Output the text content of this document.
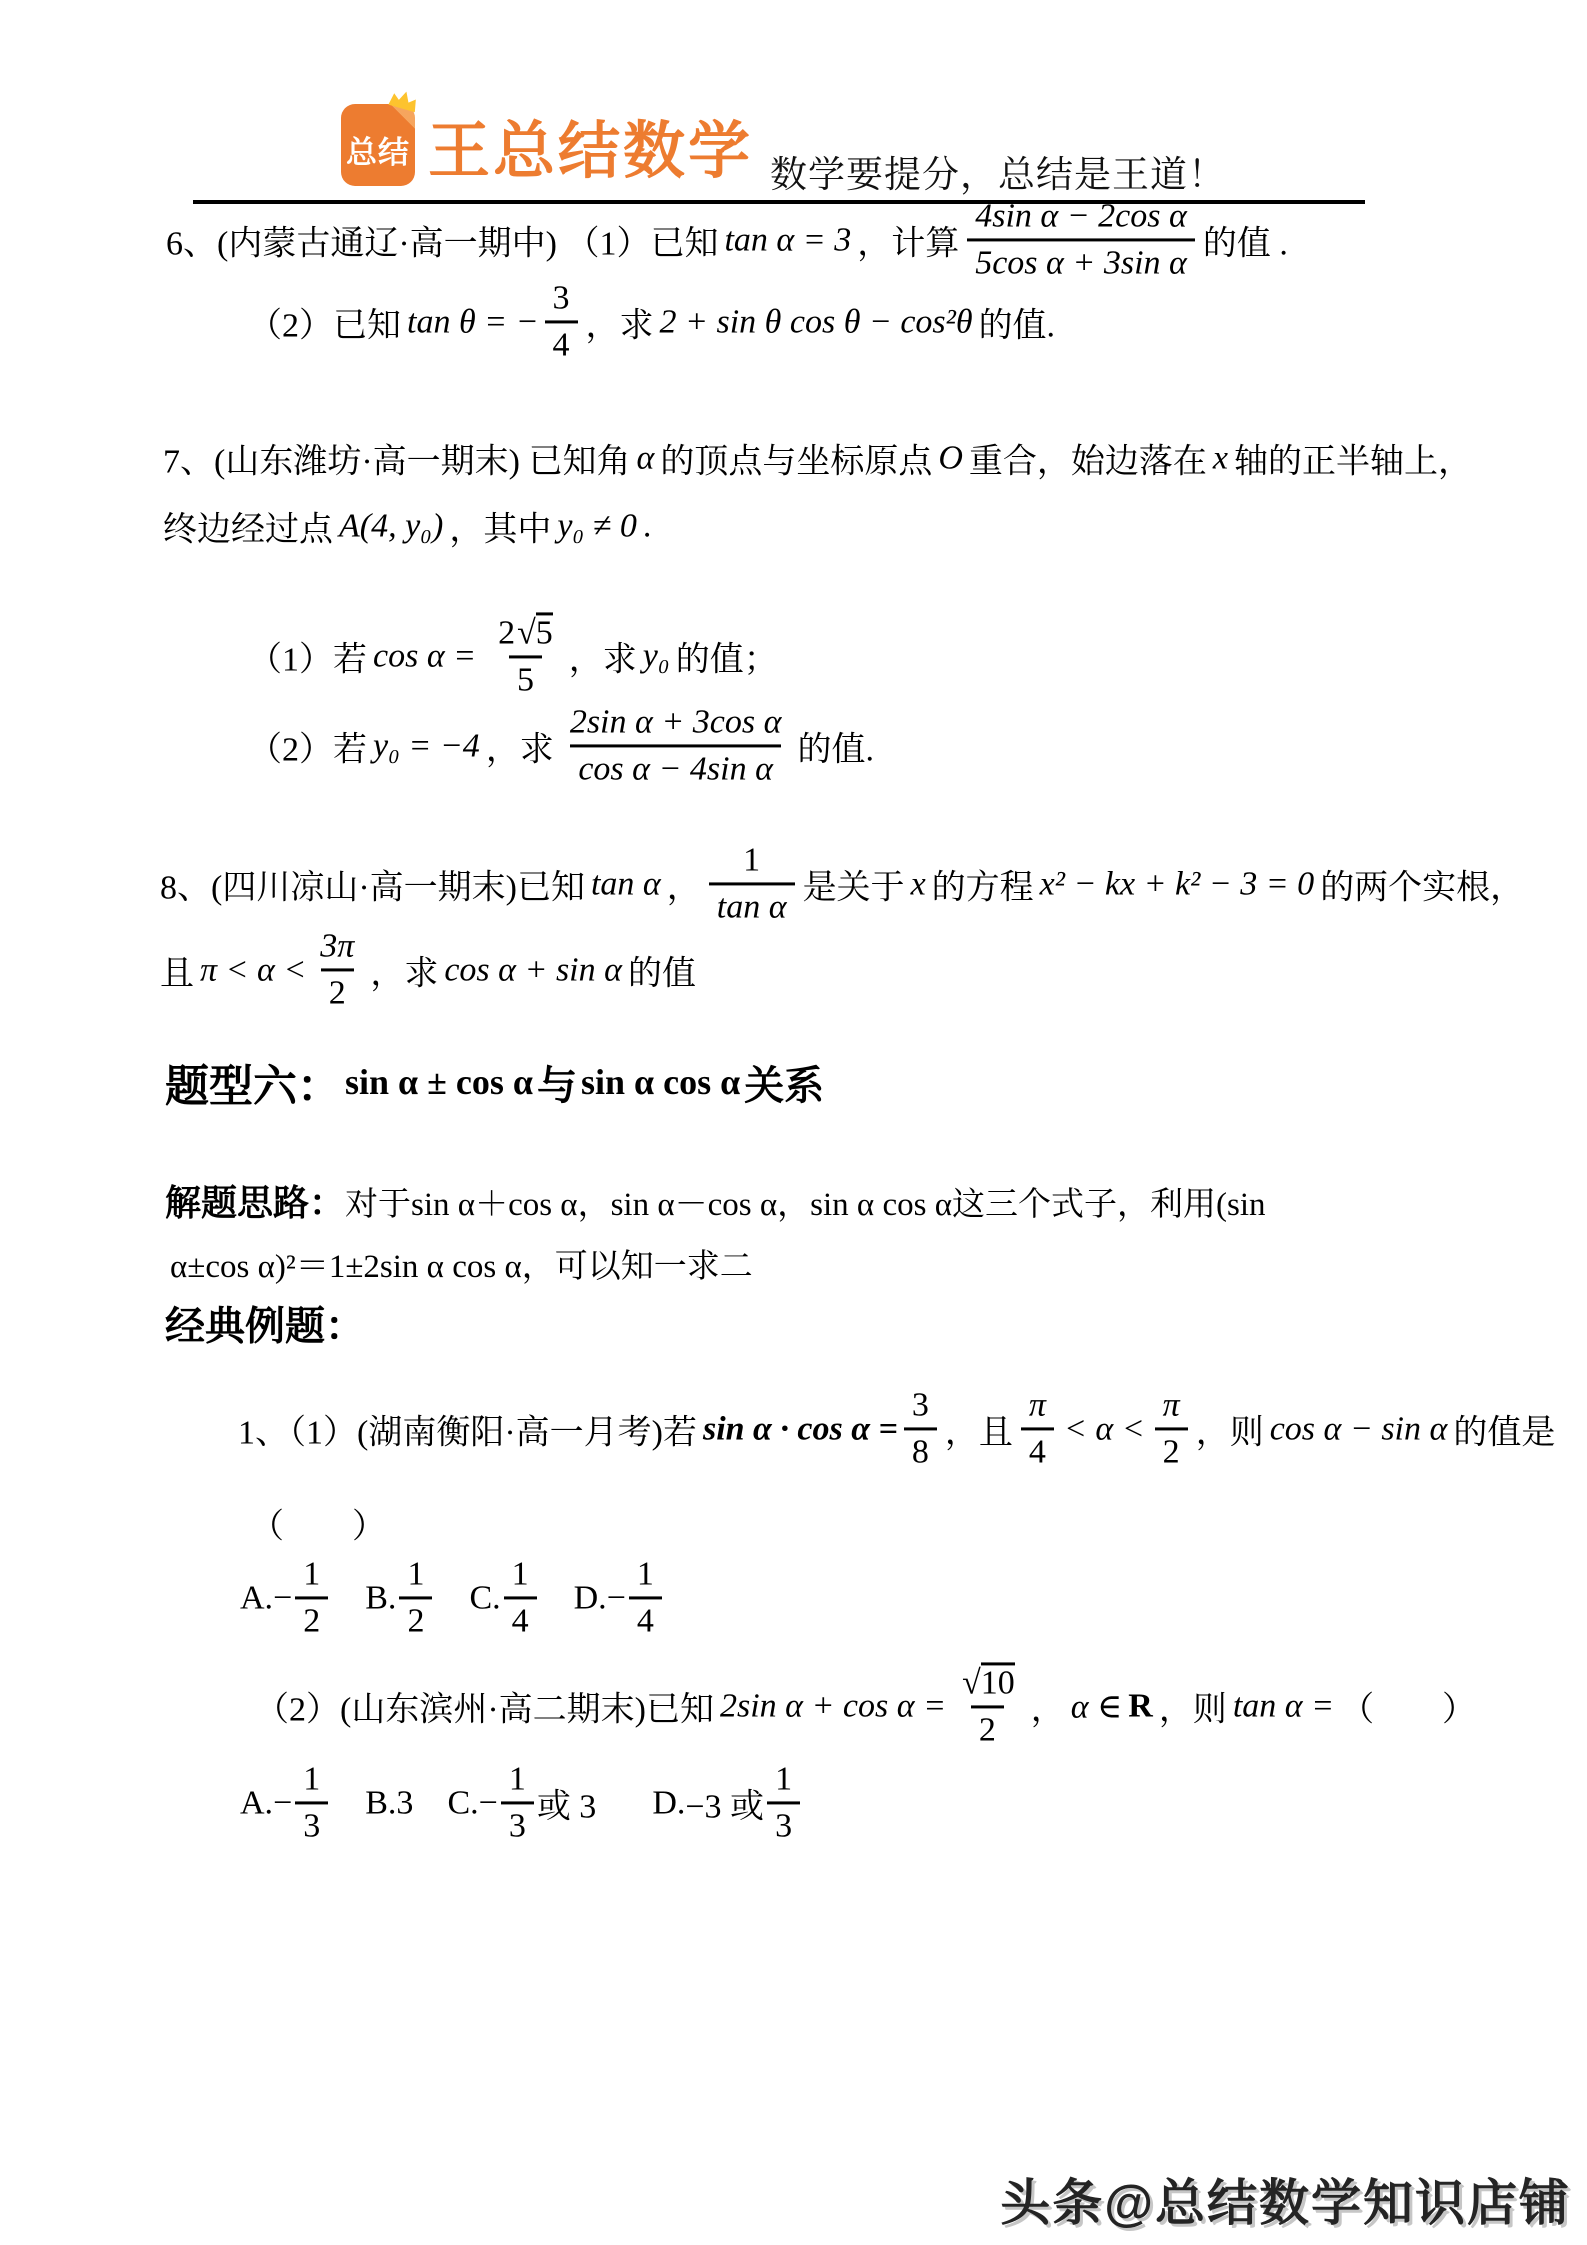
总结 王总结数学 数学要提分，总结是王道！
6、(内蒙古通辽·高一期中) （1）已知 tan α = 3 ，计算 $\frac{\text{4sin α − 2cos α}}{\text{5cos α + 3sin α}}$ 的值 .
（2）已知 tan θ = − $\frac{3}{4}$ ，求 2 + sin θ cos θ − cos²θ 的值.
7、(山东潍坊·高一期末) 已知角 α 的顶点与坐标原点 O 重合，始边落在 x 轴的正半轴上，
终边经过点 A(4, y₀) ，其中 y₀ ≠ 0 .
（1）若 $\cos \alpha = \frac{2√5}{5}$ ，求 y₀ 的值；
（2）若 y₀ = −4 ，求 $\frac{\text{2sin α + 3cos α}}{\text{cos α − 4sin α}}$ 的值.
8、(四川凉山·高一期末)已知 tan α ， $\frac{1}{\text{tan α}}$ 是关于 x 的方程 x² − kx + k² − 3 = 0 的两个实根，
且 $\pi < \alpha < \frac{3\pi}{2}$ ，求 cos α + sin α 的值
题型六： sin α ± cos α 与 sin α cos α 关系
解题思路：对于sin α＋cos α，sin α－cos α，sin α cos α这三个式子，利用(sin
α±cos α)²＝1±2sin α cos α，可以知一求二
经典例题：
1、（1）(湖南衡阳·高一月考)若 $\sin \alpha \cdot \cos \alpha = \frac{3}{8}$ ，且 $\frac{\pi}{4} < \alpha < \frac{\pi}{2}$ ，则 cos α − sin α 的值是
（　　）
A. − $\frac{1}{2} B$. $\frac{1}{2} C$. $\frac{1}{4} D$. − $\frac{1}{4}$
（2）(山东滨州·高二期末)已知 2sin $\alpha + \cos \alpha = \frac{√10}{2}$ ， α ∈ R ，则 tan α = （　　）
A. − $\frac{1}{3} B.3$ C. − $\frac{1}{3}$ 或 3 D. −3 或 $\frac{1}{3}$
头条@总结数学知识店铺
